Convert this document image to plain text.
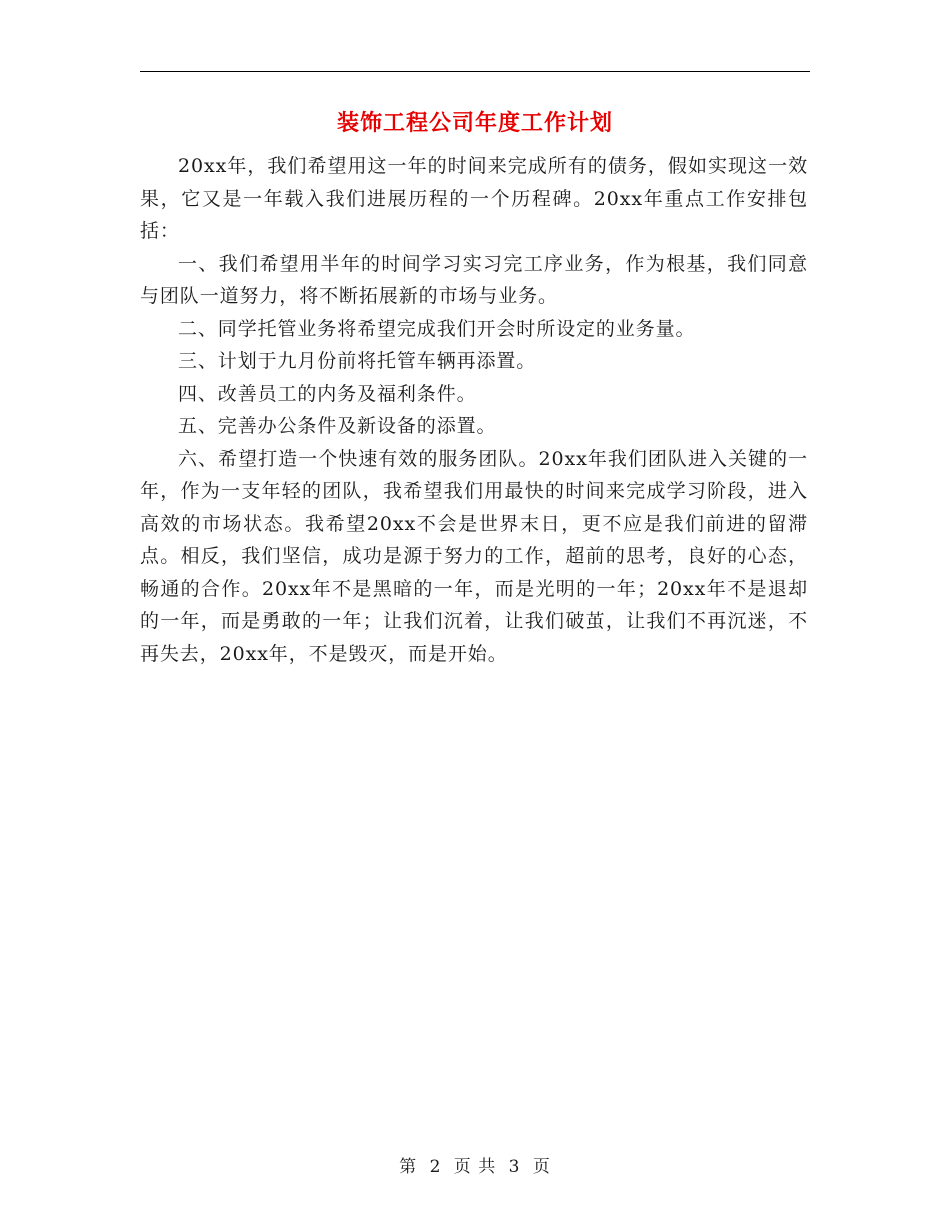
装饰工程公司年度工作计划

20xx年，我们希望用这一年的时间来完成所有的债务，假如实现这一效果，它又是一年载入我们进展历程的一个历程碑。20xx年重点工作安排包括：

一、我们希望用半年的时间学习实习完工序业务，作为根基，我们同意与团队一道努力，将不断拓展新的市场与业务。

二、同学托管业务将希望完成我们开会时所设定的业务量。

三、计划于九月份前将托管车辆再添置。

四、改善员工的内务及福利条件。

五、完善办公条件及新设备的添置。

六、希望打造一个快速有效的服务团队。20xx年我们团队进入关键的一年，作为一支年轻的团队，我希望我们用最快的时间来完成学习阶段，进入高效的市场状态。我希望20xx不会是世界末日，更不应是我们前进的留滞点。相反，我们坚信，成功是源于努力的工作，超前的思考，良好的心态，畅通的合作。20xx年不是黑暗的一年，而是光明的一年；20xx年不是退却的一年，而是勇敢的一年；让我们沉着，让我们破茧，让我们不再沉迷，不再失去，20xx年，不是毁灭，而是开始。

第 2 页 共 3 页
